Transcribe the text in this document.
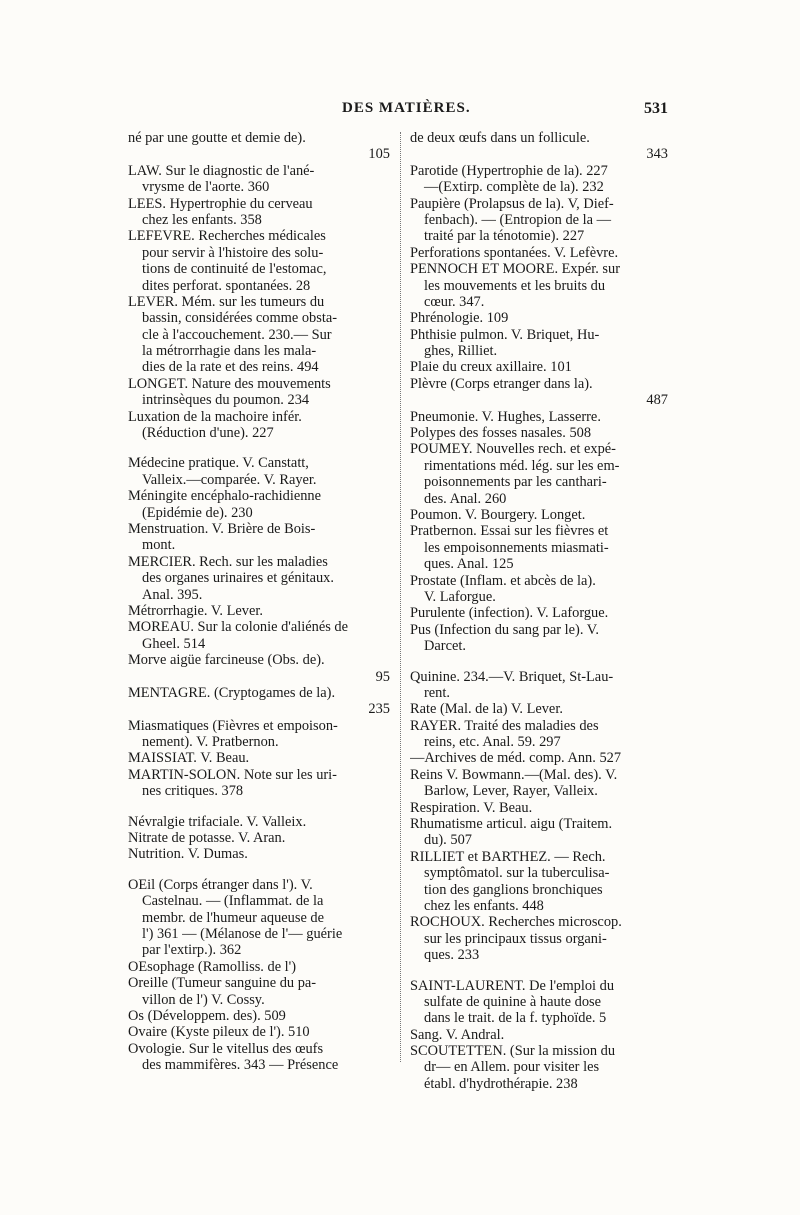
DES MATIÈRES.	531
né par une goutte et demie de).
105
LAW. Sur le diagnostic de l'ané-
vrysme de l'aorte. 360
LEES. Hypertrophie du cerveau
chez les enfants. 358
LEFEVRE. Recherches médicales
pour servir à l'histoire des solu-
tions de continuité de l'estomac,
dites perforat. spontanées. 28
LEVER. Mém. sur les tumeurs du
bassin, considérées comme obsta-
cle à l'accouchement. 230.— Sur
la métrorrhagie dans les mala-
dies de la rate et des reins. 494
LONGET. Nature des mouvements
intrinsèques du poumon. 234
Luxation de la machoire infér.
(Réduction d'une). 227
Médecine pratique. V. Canstatt,
Valleix.—comparée. V. Rayer.
Méningite encéphalo-rachidienne
(Epidémie de). 230
Menstruation. V. Brière de Bois-
mont.
MERCIER. Rech. sur les maladies
des organes urinaires et génitaux.
Anal. 395.
Métrorrhagie. V. Lever.
MOREAU. Sur la colonie d'aliénés de
Gheel. 514
Morve aigüe farcineuse (Obs. de).
95
MENTAGRE. (Cryptogames de la).
235
Miasmatiques (Fièvres et empoison-
nement). V. Pratbernon.
MAISSIAT. V. Beau.
MARTIN-SOLON. Note sur les uri-
nes critiques. 378
Névralgie trifaciale. V. Valleix.
Nitrate de potasse. V. Aran.
Nutrition. V. Dumas.
OEil (Corps étranger dans l'). V.
Castelnau. — (Inflammat. de la
membr. de l'humeur aqueuse de
l') 361 — (Mélanose de l'— guérie
par l'extirp.). 362
OEsophage (Ramolliss. de l')
Oreille (Tumeur sanguine du pa-
villon de l') V. Cossy.
Os (Développem. des). 509
Ovaire (Kyste pileux de l'). 510
Ovologie. Sur le vitellus des œufs
des mammifères. 343 — Présence
de deux œufs dans un follicule.
343
Parotide (Hypertrophie de la). 227
—(Extirp. complète de la). 232
Paupière (Prolapsus de la). V, Dief-
fenbach). — (Entropion de la —
traité par la ténotomie). 227
Perforations spontanées. V. Lefèvre.
PENNOCH ET MOORE. Expér. sur
les mouvements et les bruits du
cœur. 347.
Phrénologie. 109
Phthisie pulmon. V. Briquet, Hu-
ghes, Rilliet.
Plaie du creux axillaire. 101
Plèvre (Corps etranger dans la).
487
Pneumonie. V. Hughes, Lasserre.
Polypes des fosses nasales. 508
POUMEY. Nouvelles rech. et expé-
rimentations méd. lég. sur les em-
poisonnements par les canthari-
des. Anal. 260
Poumon. V. Bourgery. Longet.
Pratbernon. Essai sur les fièvres et
les empoisonnements miasmati-
ques. Anal. 125
Prostate (Inflam. et abcès de la).
V. Laforgue.
Purulente (infection). V. Laforgue.
Pus (Infection du sang par le). V.
Darcet.
Quinine. 234.—V. Briquet, St-Lau-
rent.
Rate (Mal. de la) V. Lever.
RAYER. Traité des maladies des
reins, etc. Anal. 59. 297
—Archives de méd. comp. Ann. 527
Reins V. Bowmann.—(Mal. des). V.
Barlow, Lever, Rayer, Valleix.
Respiration. V. Beau.
Rhumatisme articul. aigu (Traitem.
du). 507
RILLIET et BARTHEZ. — Rech.
symptômatol. sur la tuberculisa-
tion des ganglions bronchiques
chez les enfants. 448
ROCHOUX. Recherches microscop.
sur les principaux tissus organi-
ques. 233
SAINT-LAURENT. De l'emploi du
sulfate de quinine à haute dose
dans le trait. de la f. typhoïde. 5
Sang. V. Andral.
SCOUTETTEN. (Sur la mission du
dr— en Allem. pour visiter les
établ. d'hydrothérapie. 238
